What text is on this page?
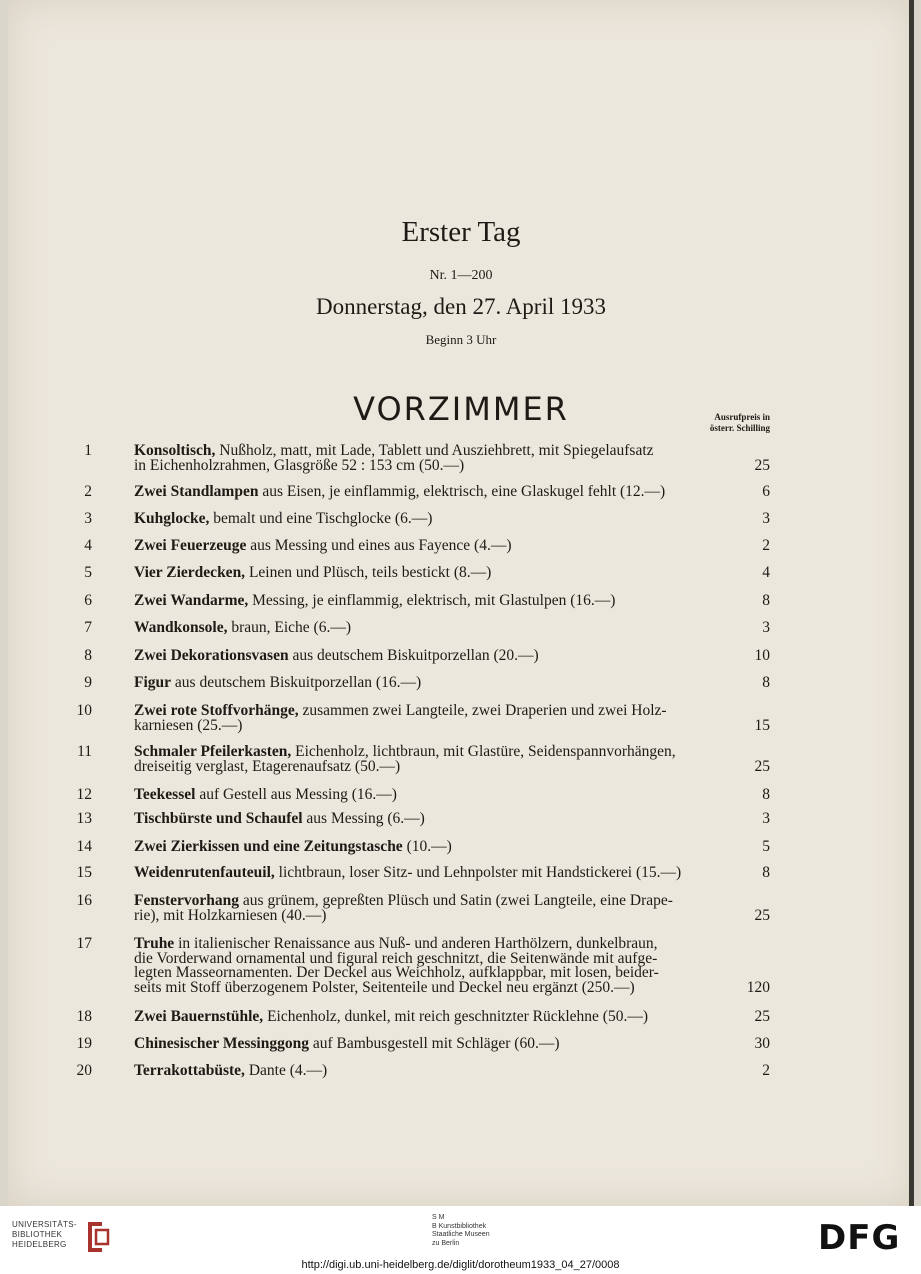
Erster Tag
Nr. 1—200
Donnerstag, den 27. April 1933
Beginn 3 Uhr
VORZIMMER	Ausrufpreis in
österr. Schilling
1	Konsoltisch, Nußholz, matt, mit Lade, Tablett und Ausziehbrett, mit Spiegelaufsatz
in Eichenholzrahmen, Glasgröße 52 : 153 cm (50.—)	25
2	Zwei Standlampen aus Eisen, je einflammig, elektrisch, eine Glaskugel fehlt (12.—)	6
3	Kuhglocke, bemalt und eine Tischglocke (6.—)	3
4	Zwei Feuerzeuge aus Messing und eines aus Fayence (4.—)	2
5	Vier Zierdecken, Leinen und Plüsch, teils bestickt (8.—)	4
6	Zwei Wandarme, Messing, je einflammig, elektrisch, mit Glastulpen (16.—)	8
7	Wandkonsole, braun, Eiche (6.—)	3
8	Zwei Dekorationsvasen aus deutschem Biskuitporzellan (20.—)	10
9	Figur aus deutschem Biskuitporzellan (16.—)	8
10	Zwei rote Stoffvorhänge, zusammen zwei Langteile, zwei Draperien und zwei Holz-
karniesen (25.—)	15
11	Schmaler Pfeilerkasten, Eichenholz, lichtbraun, mit Glastüre, Seidenspannvorhängen,
dreiseitig verglast, Etagerenaufsatz (50.—)	25
12	Teekessel auf Gestell aus Messing (16.—)	8
13	Tischbürste und Schaufel aus Messing (6.—)	3
14	Zwei Zierkissen und eine Zeitungstasche (10.—)	5
15	Weidenrutenfauteuil, lichtbraun, loser Sitz- und Lehnpolster mit Handstickerei (15.—)	8
16	Fenstervorhang aus grünem, gepreßten Plüsch und Satin (zwei Langteile, eine Drape-
rie), mit Holzkarniesen (40.—)	25
17	Truhe in italienischer Renaissance aus Nuß- und anderen Harthölzern, dunkelbraun,
die Vorderwand ornamental und figural reich geschnitzt, die Seitenwände mit aufge-
legten Masseornamenten. Der Deckel aus Weichholz, aufklappbar, mit losen, beider-
seits mit Stoff überzogenem Polster, Seitenteile und Deckel neu ergänzt (250.—)	120
18	Zwei Bauernstühle, Eichenholz, dunkel, mit reich geschnitzter Rücklehne (50.—)	25
19	Chinesischer Messinggong auf Bambusgestell mit Schläger (60.—)	30
20	Terrakottabüste, Dante (4.—)	2
UNIVERSITÄTS-
BIBLIOTHEK
HEIDELBERG
S M
B Kunstbibliothek
Staatliche Museen
zu Berlin	DFG
http://digi.ub.uni-heidelberg.de/diglit/dorotheum1933_04_27/0008
